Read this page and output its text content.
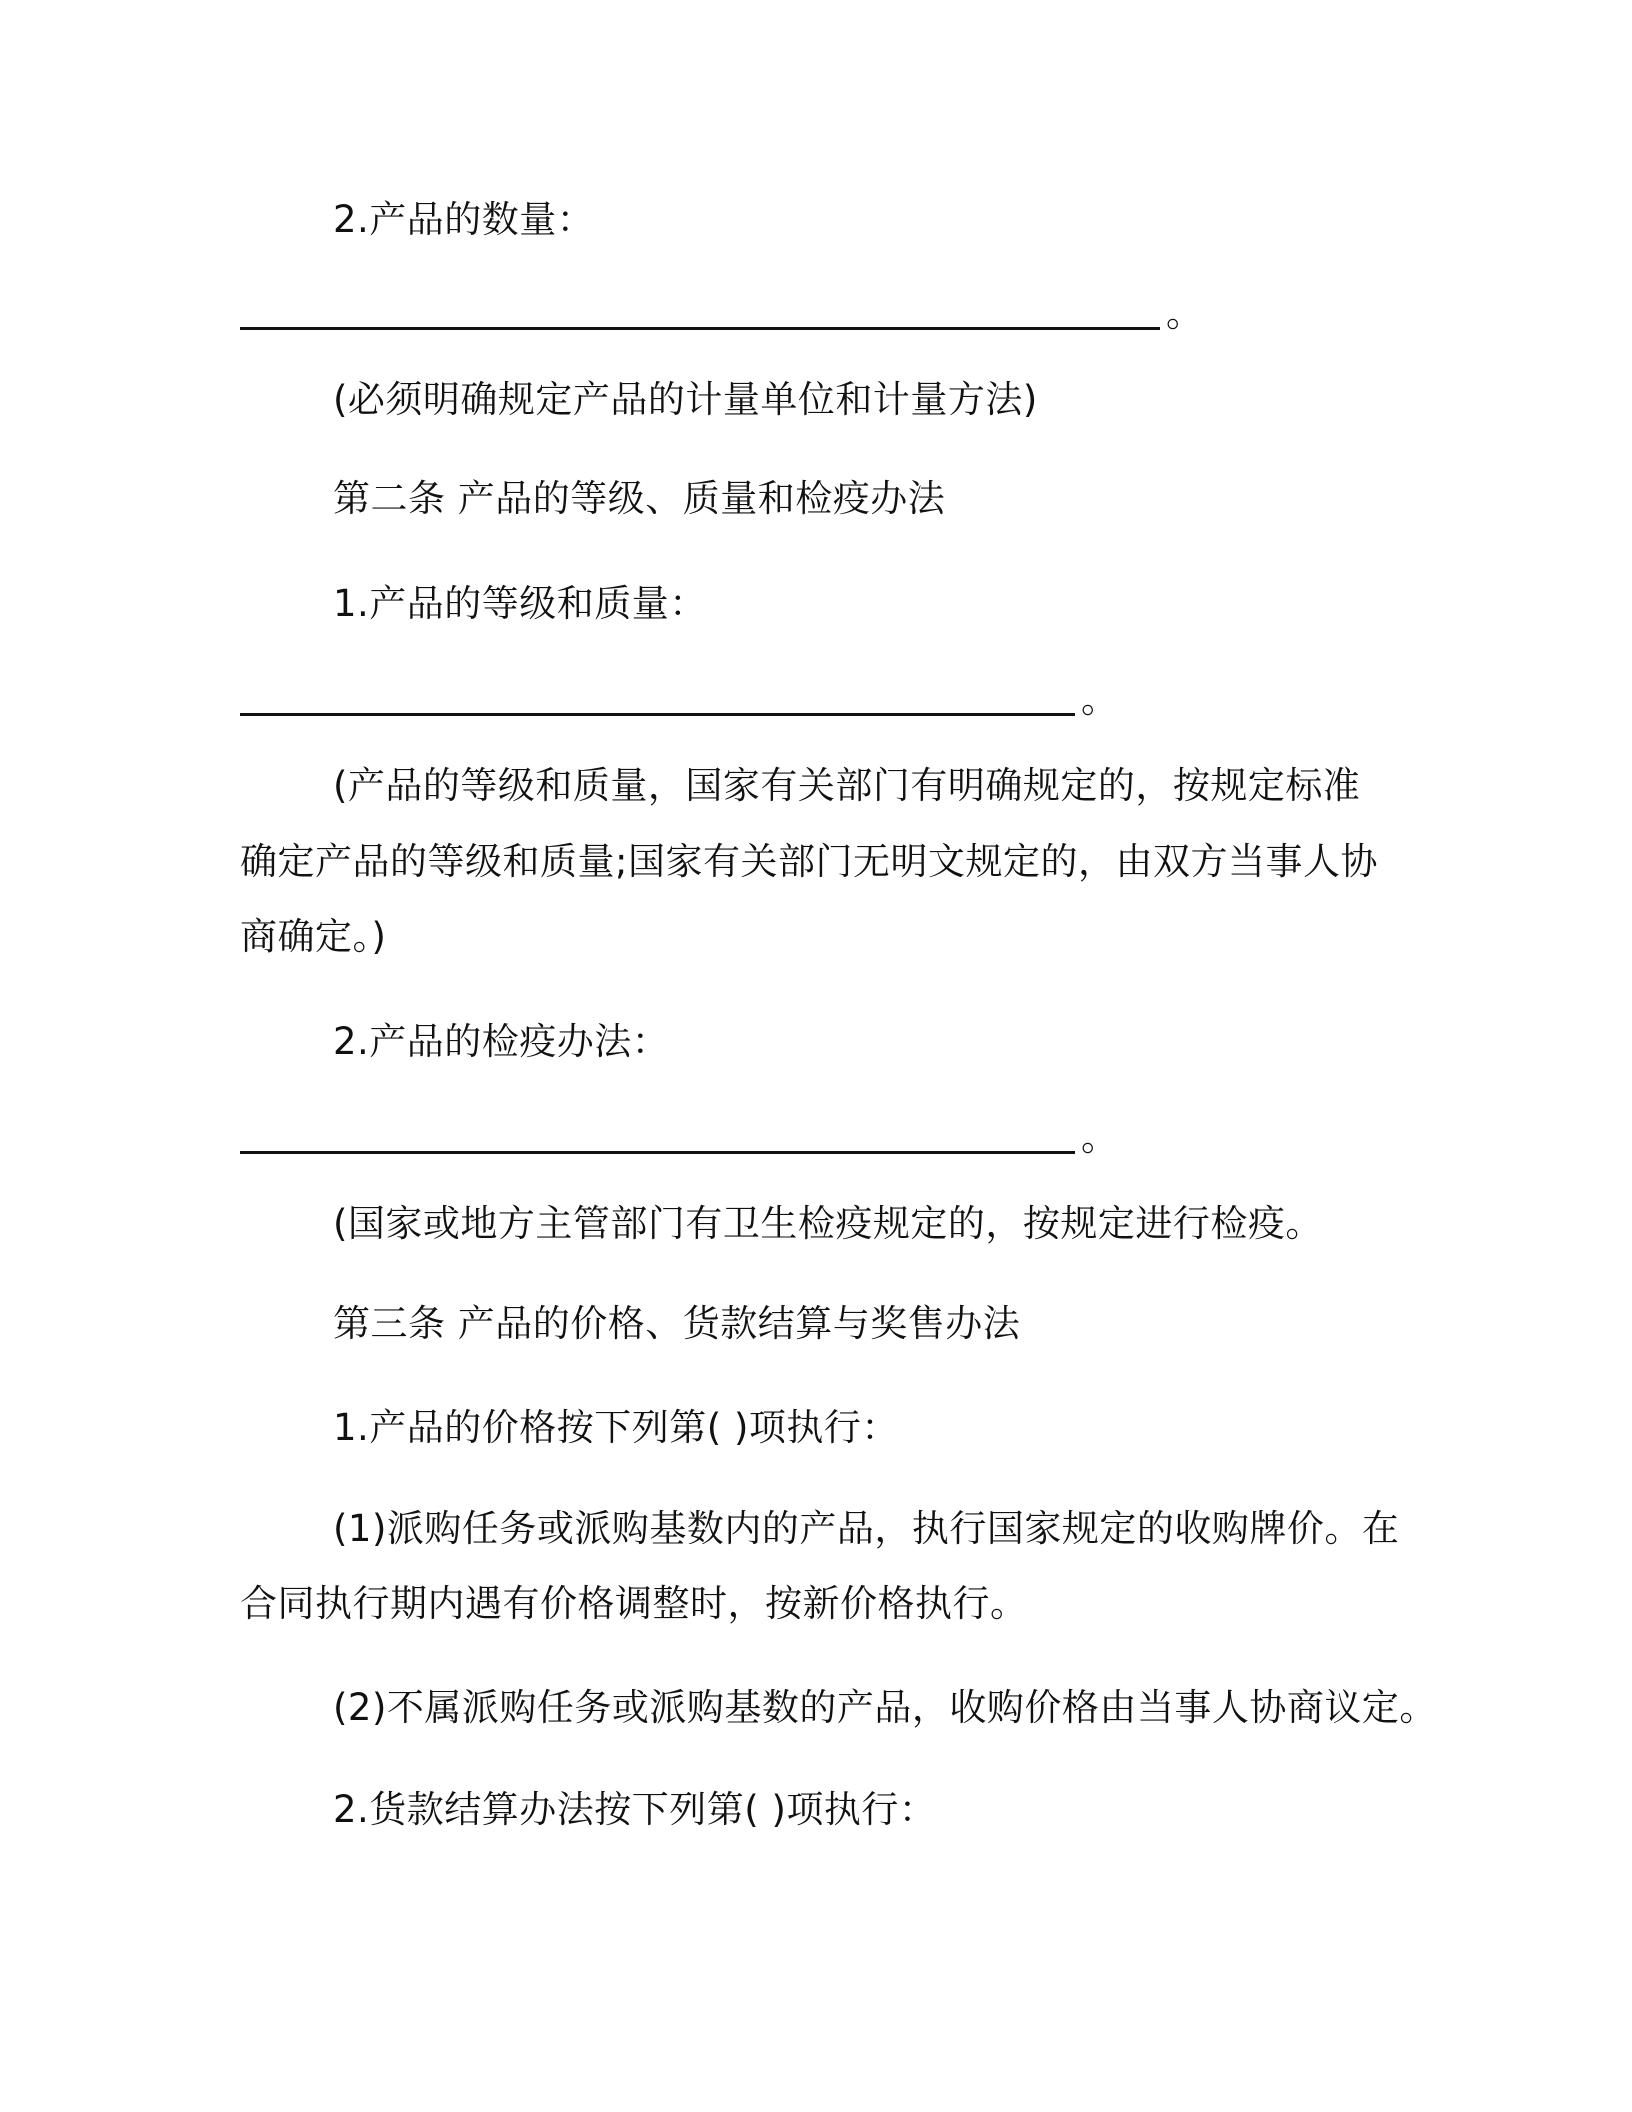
2.产品的数量：
。
(必须明确规定产品的计量单位和计量方法)
第二条 产品的等级、质量和检疫办法
1.产品的等级和质量：
。
(产品的等级和质量，国家有关部门有明确规定的，按规定标准
确定产品的等级和质量;国家有关部门无明文规定的，由双方当事人协
商确定。)
2.产品的检疫办法：
。
(国家或地方主管部门有卫生检疫规定的，按规定进行检疫。
第三条 产品的价格、货款结算与奖售办法
1.产品的价格按下列第( )项执行：
(1)派购任务或派购基数内的产品，执行国家规定的收购牌价。在
合同执行期内遇有价格调整时，按新价格执行。
(2)不属派购任务或派购基数的产品，收购价格由当事人协商议定。
2.货款结算办法按下列第( )项执行：
